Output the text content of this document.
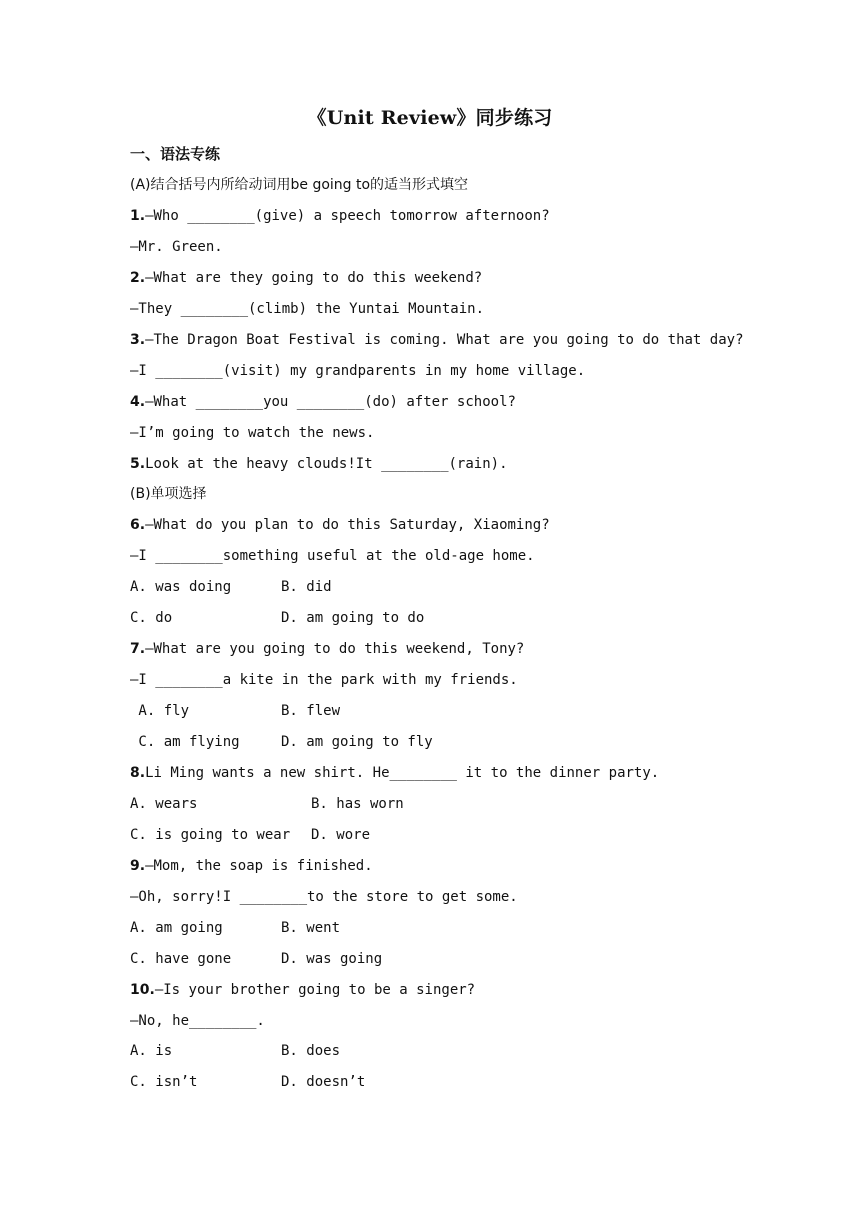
《Unit Review》同步练习
一、语法专练
(A)结合括号内所给动词用be going to的适当形式填空
1.—Who ________(give) a speech tomorrow afternoon?
—Mr. Green.
2.—What are they going to do this weekend?
—They ________(climb) the Yuntai Mountain.
3.—The Dragon Boat Festival is coming. What are you going to do that day?
—I ________(visit) my grandparents in my home village.
4.—What ________you ________(do) after school?
—I’m going to watch the news.
5.Look at the heavy clouds!It ________(rain).
(B)单项选择
6.—What do you plan to do this Saturday, Xiaoming?
—I ________something useful at the old-age home.
A. was doing	B. did
C. do	D. am going to do
7.—What are you going to do this weekend, Tony?
—I ________a kite in the park with my friends.
A. fly	B. flew
C. am flying	D. am going to fly
8.Li Ming wants a new shirt. He________ it to the dinner party.
A. wears	B. has worn
C. is going to wear D. wore
9.—Mom, the soap is finished.
—Oh, sorry!I ________to the store to get some.
A. am going	B. went
C. have gone	D. was going
10.—Is your brother going to be a singer?
—No, he________.
A. is	B. does
C. isn’t	D. doesn’t
